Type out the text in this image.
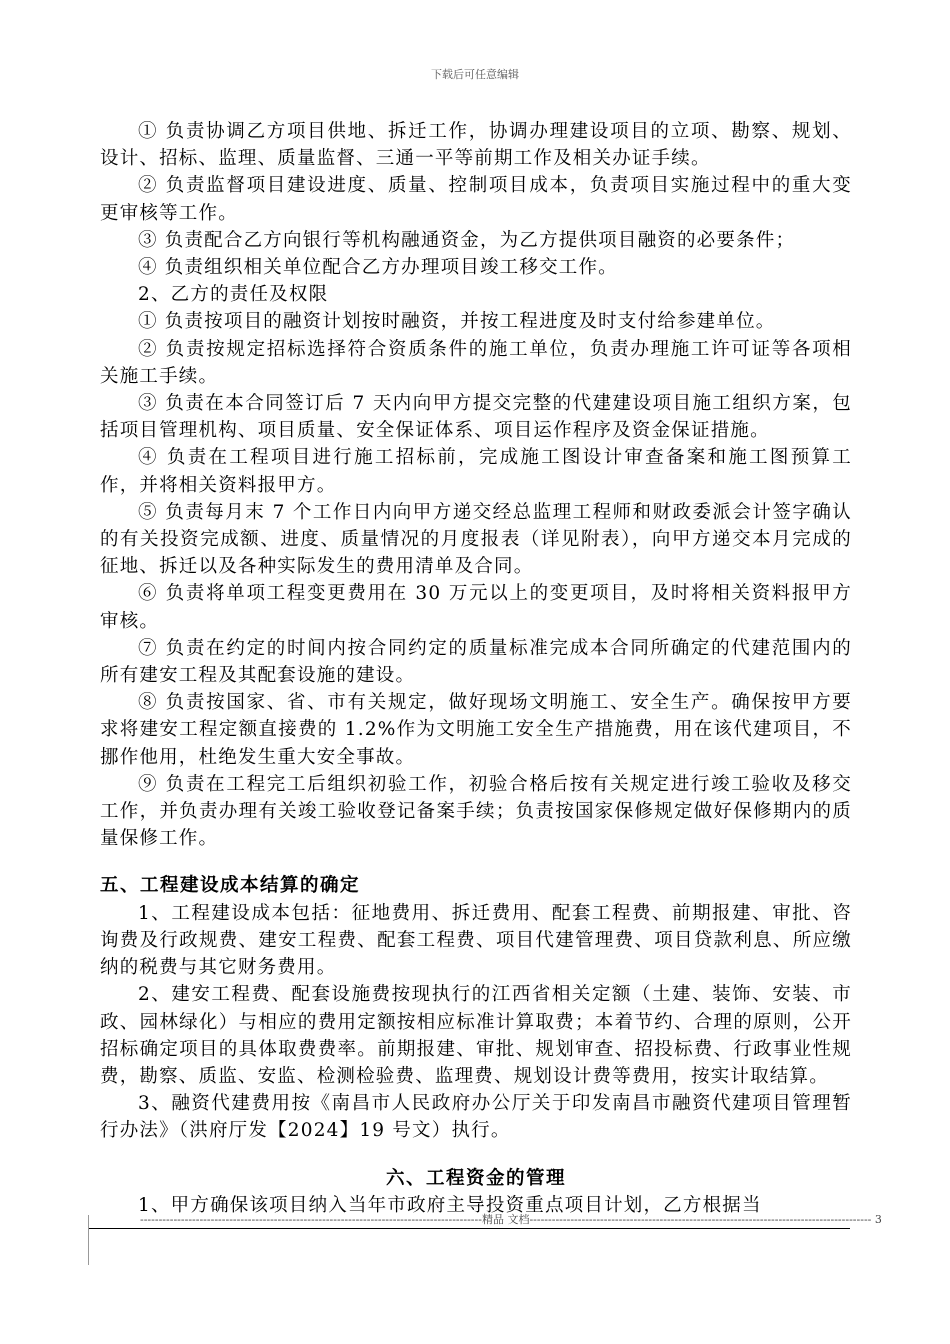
下载后可任意编辑

① 负责协调乙方项目供地、拆迁工作，协调办理建设项目的立项、勘察、规划、设计、招标、监理、质量监督、三通一平等前期工作及相关办证手续。

② 负责监督项目建设进度、质量、控制项目成本，负责项目实施过程中的重大变更审核等工作。

③ 负责配合乙方向银行等机构融通资金，为乙方提供项目融资的必要条件；

④ 负责组织相关单位配合乙方办理项目竣工移交工作。

2、乙方的责任及权限

① 负责按项目的融资计划按时融资，并按工程进度及时支付给参建单位。

② 负责按规定招标选择符合资质条件的施工单位，负责办理施工许可证等各项相关施工手续。

③ 负责在本合同签订后 7 天内向甲方提交完整的代建建设项目施工组织方案，包括项目管理机构、项目质量、安全保证体系、项目运作程序及资金保证措施。

④ 负责在工程项目进行施工招标前，完成施工图设计审查备案和施工图预算工作，并将相关资料报甲方。

⑤ 负责每月末 7 个工作日内向甲方递交经总监理工程师和财政委派会计签字确认的有关投资完成额、进度、质量情况的月度报表（详见附表），向甲方递交本月完成的征地、拆迁以及各种实际发生的费用清单及合同。

⑥ 负责将单项工程变更费用在 30 万元以上的变更项目，及时将相关资料报甲方审核。

⑦ 负责在约定的时间内按合同约定的质量标准完成本合同所确定的代建范围内的所有建安工程及其配套设施的建设。

⑧ 负责按国家、省、市有关规定，做好现场文明施工、安全生产。确保按甲方要求将建安工程定额直接费的 1.2%作为文明施工安全生产措施费，用在该代建项目，不挪作他用，杜绝发生重大安全事故。

⑨ 负责在工程完工后组织初验工作，初验合格后按有关规定进行竣工验收及移交工作，并负责办理有关竣工验收登记备案手续；负责按国家保修规定做好保修期内的质量保修工作。

五、工程建设成本结算的确定

1、工程建设成本包括：征地费用、拆迁费用、配套工程费、前期报建、审批、咨询费及行政规费、建安工程费、配套工程费、项目代建管理费、项目贷款利息、所应缴纳的税费与其它财务费用。

2、建安工程费、配套设施费按现执行的江西省相关定额（土建、装饰、安装、市政、园林绿化）与相应的费用定额按相应标准计算取费；本着节约、合理的原则，公开招标确定项目的具体取费费率。前期报建、审批、规划审查、招投标费、行政事业性规费，勘察、质监、安监、检测检验费、监理费、规划设计费等费用，按实计取结算。

3、融资代建费用按《南昌市人民政府办公厅关于印发南昌市融资代建项目管理暂行办法》（洪府厅发【2024】19 号文）执行。

六、工程资金的管理

1、甲方确保该项目纳入当年市政府主导投资重点项目计划，乙方根据当

--------------------------------------------------------------------------------------------精品 文档-------------------------------------------------------------------------------------------- 3
